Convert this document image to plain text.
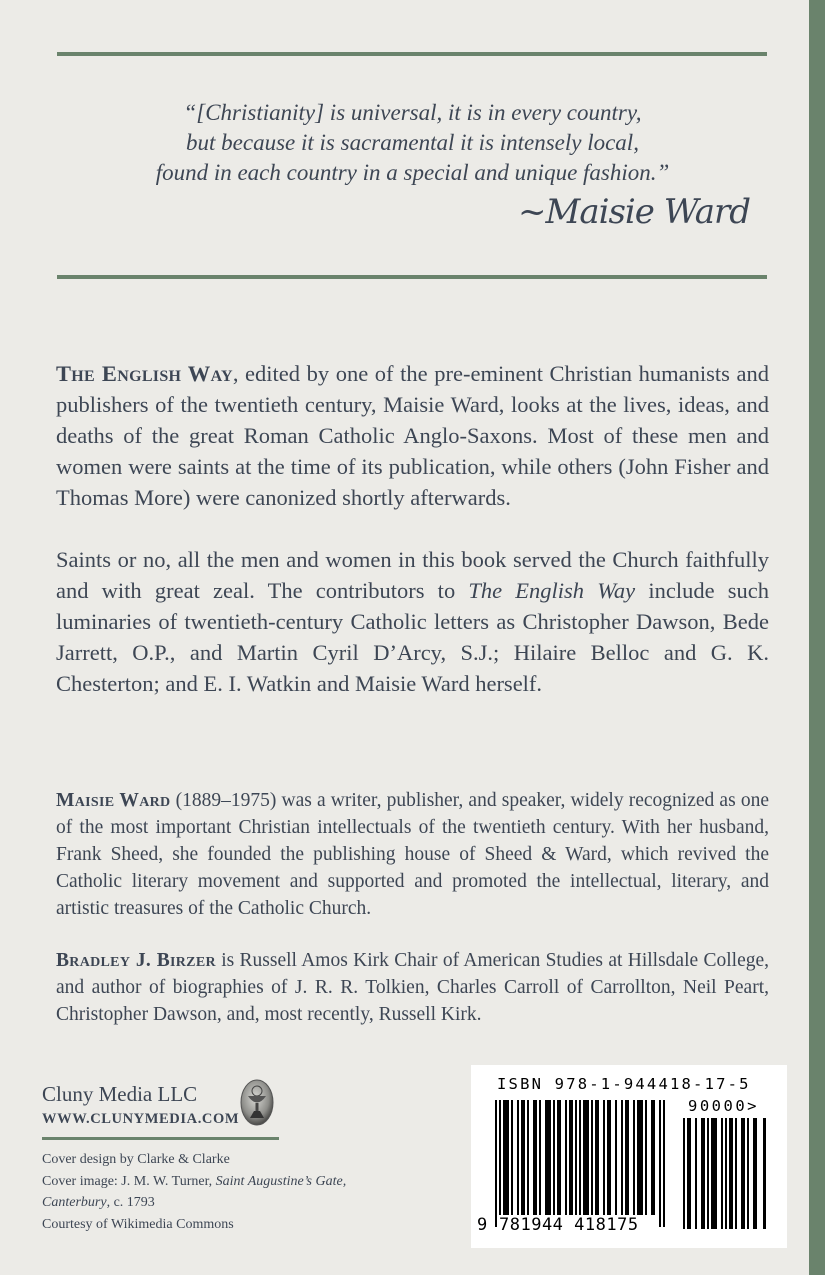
“[Christianity] is universal, it is in every country,
but because it is sacramental it is intensely local,
found in each country in a special and unique fashion.”
~Maisie Ward
The English Way, edited by one of the pre-eminent Christian humanists and publishers of the twentieth century, Maisie Ward, looks at the lives, ideas, and deaths of the great Roman Catholic Anglo-Saxons. Most of these men and women were saints at the time of its publication, while others (John Fisher and Thomas More) were canonized shortly afterwards.
Saints or no, all the men and women in this book served the Church faithfully and with great zeal. The contributors to The English Way include such luminaries of twentieth-century Catholic letters as Christopher Dawson, Bede Jarrett, O.P., and Martin Cyril D’Arcy, S.J.; Hilaire Belloc and G. K. Chesterton; and E. I. Watkin and Maisie Ward herself.
Maisie Ward (1889–1975) was a writer, publisher, and speaker, widely recognized as one of the most important Christian intellectuals of the twentieth century. With her husband, Frank Sheed, she founded the publishing house of Sheed & Ward, which revived the Catholic literary movement and supported and promoted the intellectual, literary, and artistic treasures of the Catholic Church.
Bradley J. Birzer is Russell Amos Kirk Chair of American Studies at Hillsdale College, and author of biographies of J. R. R. Tolkien, Charles Carroll of Carrollton, Neil Peart, Christopher Dawson, and, most recently, Russell Kirk.
Cluny Media LLC
WWW.CLUNYMEDIA.COM
Cover design by Clarke & Clarke
Cover image: J. M. W. Turner, Saint Augustine’s Gate, Canterbury, c. 1793
Courtesy of Wikimedia Commons
ISBN 978-1-944418-17-5
90000>
9 781944 418175
